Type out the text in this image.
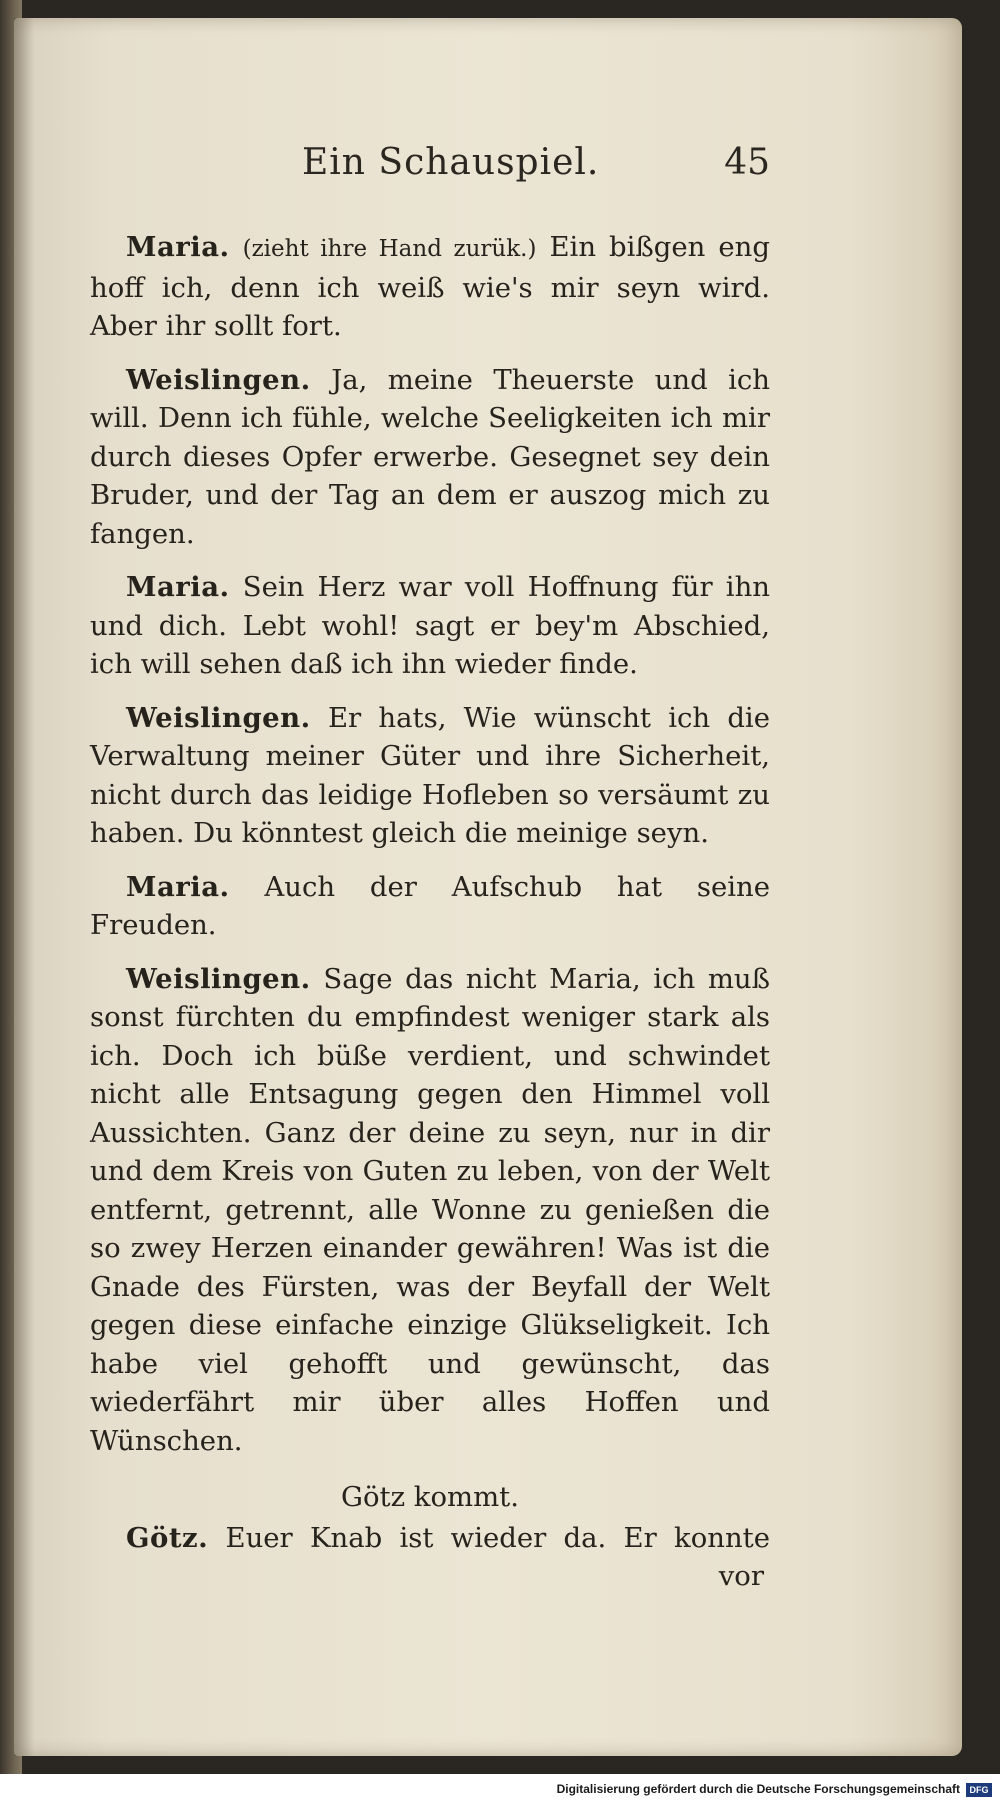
Ein Schauspiel.	45

Maria. (zieht ihre Hand zurük.) Ein bißgen eng hoff ich, denn ich weiß wie's mir seyn wird. Aber ihr sollt fort.

Weislingen. Ja, meine Theuerste und ich will. Denn ich fühle, welche Seeligkeiten ich mir durch dieses Opfer erwerbe. Gesegnet sey dein Bruder, und der Tag an dem er auszog mich zu fangen.

Maria. Sein Herz war voll Hoffnung für ihn und dich. Lebt wohl! sagt er bey'm Abschied, ich will sehen daß ich ihn wieder finde.

Weislingen. Er hats, Wie wünscht ich die Verwaltung meiner Güter und ihre Sicherheit, nicht durch das leidige Hofleben so versäumt zu haben. Du könntest gleich die meinige seyn.

Maria. Auch der Aufschub hat seine Freuden.

Weislingen. Sage das nicht Maria, ich muß sonst fürchten du empfindest weniger stark als ich. Doch ich büße verdient, und schwindet nicht alle Entsagung gegen den Himmel voll Aussichten. Ganz der deine zu seyn, nur in dir und dem Kreis von Guten zu leben, von der Welt entfernt, getrennt, alle Wonne zu genießen die so zwey Herzen einander gewähren! Was ist die Gnade des Fürsten, was der Beyfall der Welt gegen diese einfache einzige Glükseligkeit. Ich habe viel gehofft und gewünscht, das wiederfährt mir über alles Hoffen und Wünschen.

Götz kommt.

Götz. Euer Knab ist wieder da. Er konnte

vor

Digitalisierung gefördert durch die Deutsche Forschungsgemeinschaft	DFG
